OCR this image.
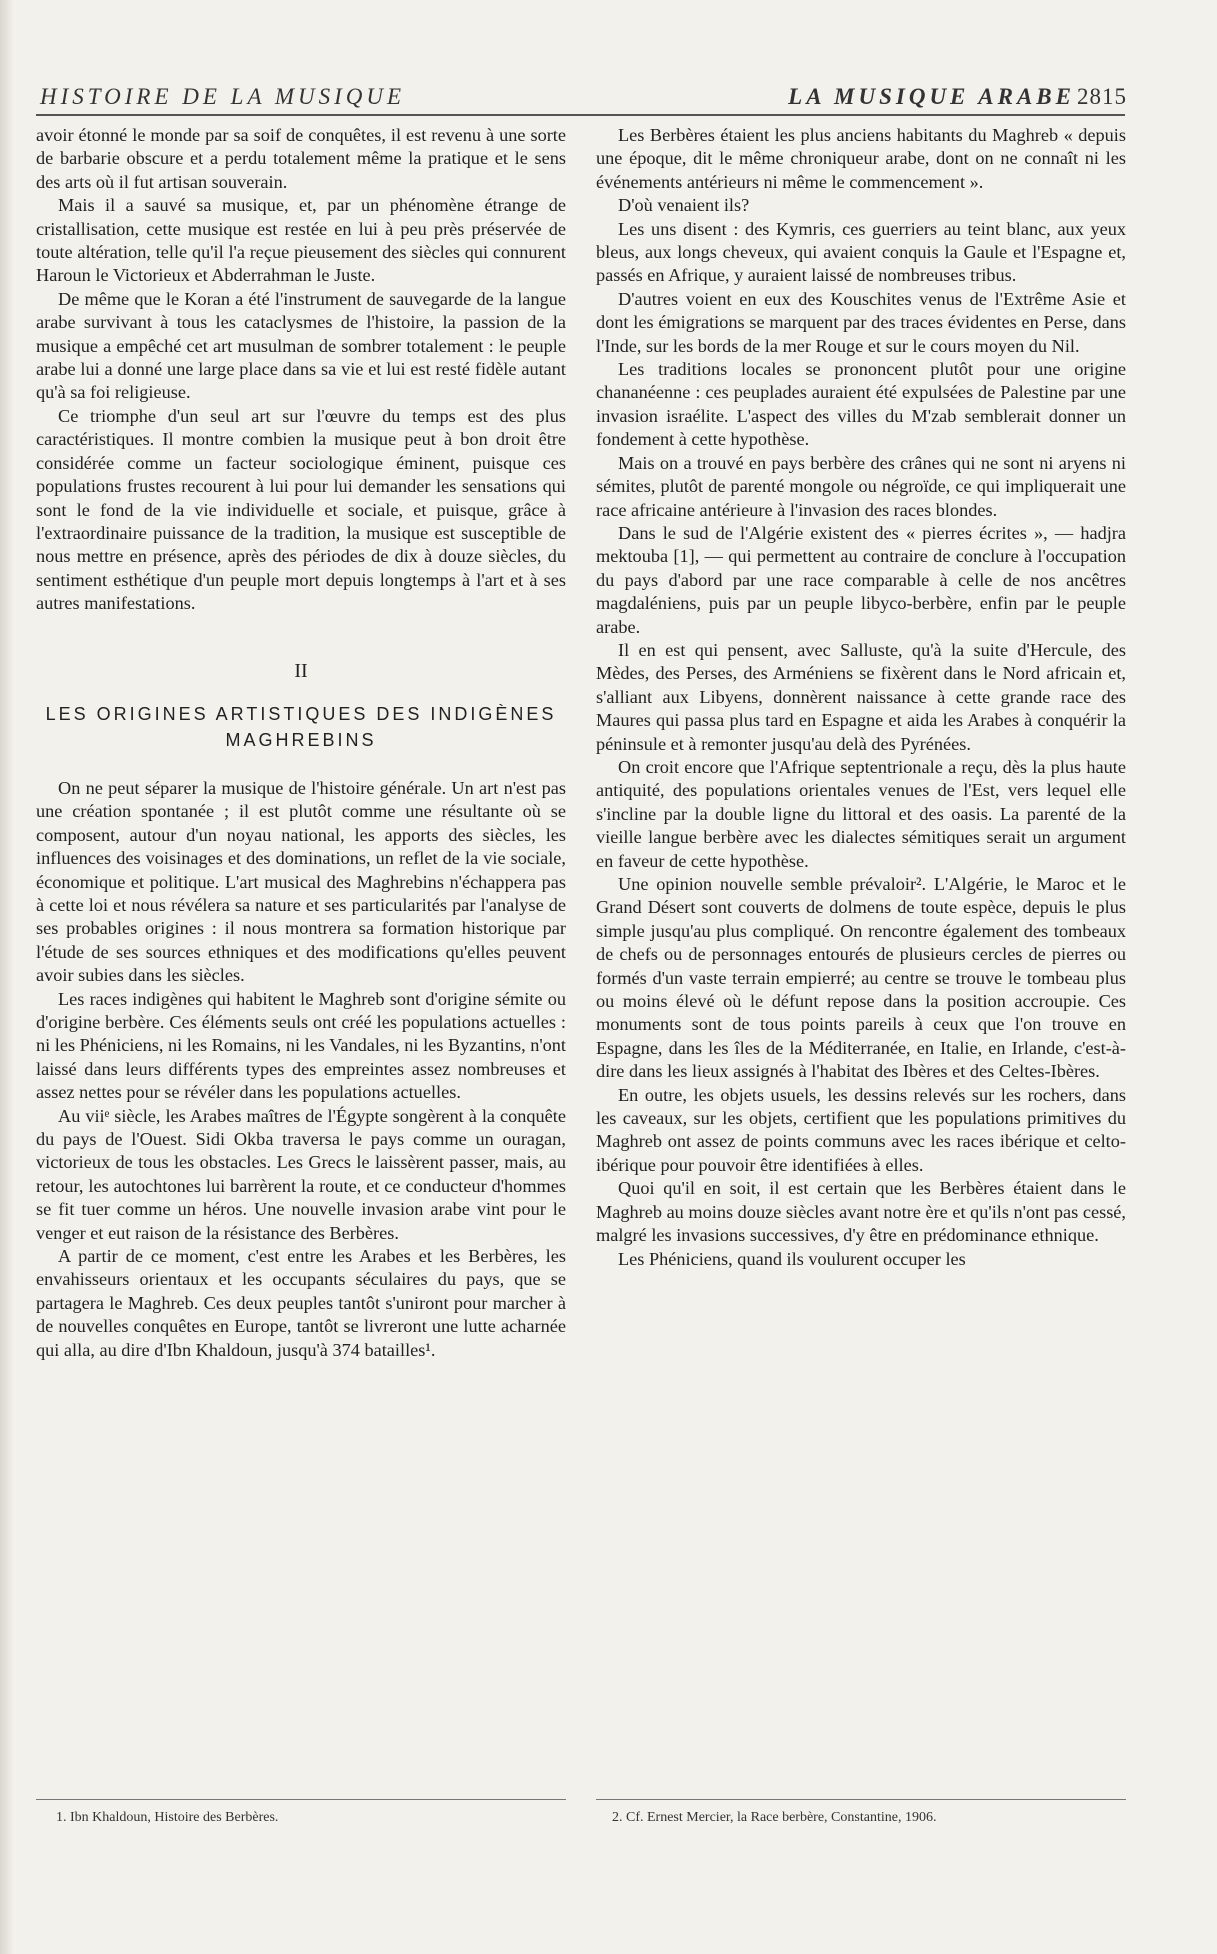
HISTOIRE DE LA MUSIQUE	LA MUSIQUE ARABE 2815

avoir étonné le monde par sa soif de conquêtes, il est revenu à une sorte de barbarie obscure et a perdu totalement même la pratique et le sens des arts où il fut artisan souverain.

Mais il a sauvé sa musique, et, par un phénomène étrange de cristallisation, cette musique est restée en lui à peu près préservée de toute altération, telle qu'il l'a reçue pieusement des siècles qui connurent Haroun le Victorieux et Abderrahman le Juste.

De même que le Koran a été l'instrument de sauvegarde de la langue arabe survivant à tous les cataclysmes de l'histoire, la passion de la musique a empêché cet art musulman de sombrer totalement : le peuple arabe lui a donné une large place dans sa vie et lui est resté fidèle autant qu'à sa foi religieuse.

Ce triomphe d'un seul art sur l'œuvre du temps est des plus caractéristiques. Il montre combien la musique peut à bon droit être considérée comme un facteur sociologique éminent, puisque ces populations frustes recourent à lui pour lui demander les sensations qui sont le fond de la vie individuelle et sociale, et puisque, grâce à l'extraordinaire puissance de la tradition, la musique est susceptible de nous mettre en présence, après des périodes de dix à douze siècles, du sentiment esthétique d'un peuple mort depuis longtemps à l'art et à ses autres manifestations.

II
LES ORIGINES ARTISTIQUES DES INDIGÈNES MAGHREBINS

On ne peut séparer la musique de l'histoire générale. Un art n'est pas une création spontanée ; il est plutôt comme une résultante où se composent, autour d'un noyau national, les apports des siècles, les influences des voisinages et des dominations, un reflet de la vie sociale, économique et politique. L'art musical des Maghrebins n'échappera pas à cette loi et nous révélera sa nature et ses particularités par l'analyse de ses probables origines : il nous montrera sa formation historique par l'étude de ses sources ethniques et des modifications qu'elles peuvent avoir subies dans les siècles.

Les races indigènes qui habitent le Maghreb sont d'origine sémite ou d'origine berbère. Ces éléments seuls ont créé les populations actuelles : ni les Phéniciens, ni les Romains, ni les Vandales, ni les Byzantins, n'ont laissé dans leurs différents types des empreintes assez nombreuses et assez nettes pour se révéler dans les populations actuelles.

Au viiᵉ siècle, les Arabes maîtres de l'Égypte songèrent à la conquête du pays de l'Ouest. Sidi Okba traversa le pays comme un ouragan, victorieux de tous les obstacles. Les Grecs le laissèrent passer, mais, au retour, les autochtones lui barrèrent la route, et ce conducteur d'hommes se fit tuer comme un héros. Une nouvelle invasion arabe vint pour le venger et eut raison de la résistance des Berbères.

A partir de ce moment, c'est entre les Arabes et les Berbères, les envahisseurs orientaux et les occupants séculaires du pays, que se partagera le Maghreb. Ces deux peuples tantôt s'uniront pour marcher à de nouvelles conquêtes en Europe, tantôt se livreront une lutte acharnée qui alla, au dire d'Ibn Khaldoun, jusqu'à 374 batailles¹.

Les Berbères étaient les plus anciens habitants du Maghreb « depuis une époque, dit le même chroniqueur arabe, dont on ne connaît ni les événements antérieurs ni même le commencement ».

D'où venaient ils?

Les uns disent : des Kymris, ces guerriers au teint blanc, aux yeux bleus, aux longs cheveux, qui avaient conquis la Gaule et l'Espagne et, passés en Afrique, y auraient laissé de nombreuses tribus.

D'autres voient en eux des Kouschites venus de l'Extrême Asie et dont les émigrations se marquent par des traces évidentes en Perse, dans l'Inde, sur les bords de la mer Rouge et sur le cours moyen du Nil.

Les traditions locales se prononcent plutôt pour une origine chananéenne : ces peuplades auraient été expulsées de Palestine par une invasion israélite. L'aspect des villes du M'zab semblerait donner un fondement à cette hypothèse.

Mais on a trouvé en pays berbère des crânes qui ne sont ni aryens ni sémites, plutôt de parenté mongole ou négroïde, ce qui impliquerait une race africaine antérieure à l'invasion des races blondes.

Dans le sud de l'Algérie existent des « pierres écrites », — hadjra mektouba [1], — qui permettent au contraire de conclure à l'occupation du pays d'abord par une race comparable à celle de nos ancêtres magdaléniens, puis par un peuple libyco-berbère, enfin par le peuple arabe.

Il en est qui pensent, avec Salluste, qu'à la suite d'Hercule, des Mèdes, des Perses, des Arméniens se fixèrent dans le Nord africain et, s'alliant aux Libyens, donnèrent naissance à cette grande race des Maures qui passa plus tard en Espagne et aida les Arabes à conquérir la péninsule et à remonter jusqu'au delà des Pyrénées.

On croit encore que l'Afrique septentrionale a reçu, dès la plus haute antiquité, des populations orientales venues de l'Est, vers lequel elle s'incline par la double ligne du littoral et des oasis. La parenté de la vieille langue berbère avec les dialectes sémitiques serait un argument en faveur de cette hypothèse.

Une opinion nouvelle semble prévaloir². L'Algérie, le Maroc et le Grand Désert sont couverts de dolmens de toute espèce, depuis le plus simple jusqu'au plus compliqué. On rencontre également des tombeaux de chefs ou de personnages entourés de plusieurs cercles de pierres ou formés d'un vaste terrain empierré; au centre se trouve le tombeau plus ou moins élevé où le défunt repose dans la position accroupie. Ces monuments sont de tous points pareils à ceux que l'on trouve en Espagne, dans les îles de la Méditerranée, en Italie, en Irlande, c'est-à-dire dans les lieux assignés à l'habitat des Ibères et des Celtes-Ibères.

En outre, les objets usuels, les dessins relevés sur les rochers, dans les caveaux, sur les objets, certifient que les populations primitives du Maghreb ont assez de points communs avec les races ibérique et celto-ibérique pour pouvoir être identifiées à elles.

Quoi qu'il en soit, il est certain que les Berbères étaient dans le Maghreb au moins douze siècles avant notre ère et qu'ils n'ont pas cessé, malgré les invasions successives, d'y être en prédominance ethnique.

Les Phéniciens, quand ils voulurent occuper les

1. Ibn Khaldoun, Histoire des Berbères.	2. Cf. Ernest Mercier, la Race berbère, Constantine, 1906.
